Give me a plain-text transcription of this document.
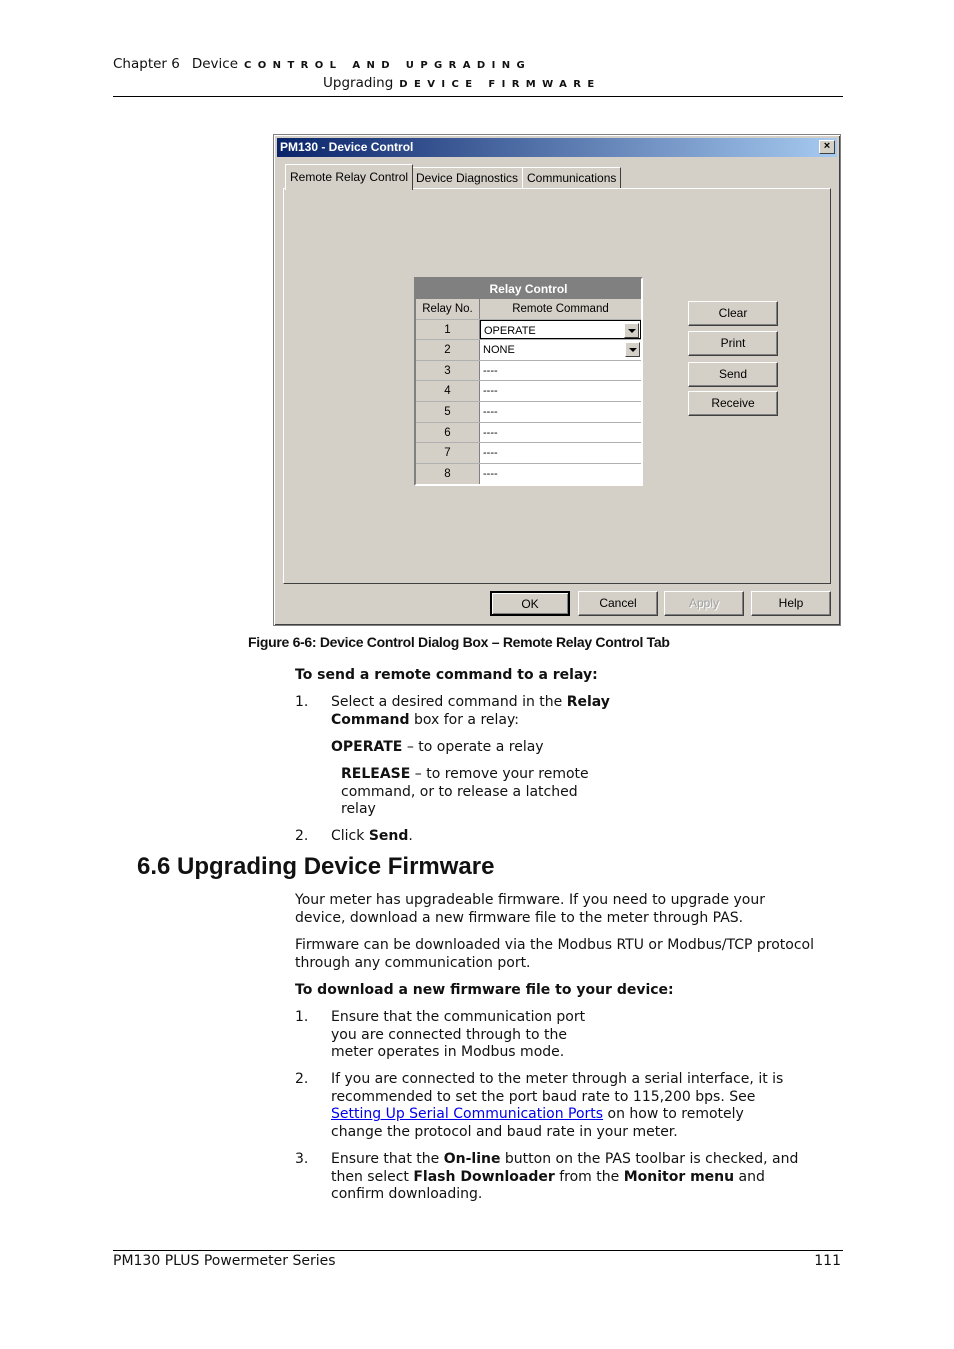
Chapter 6 Device CONTROL AND UPGRADING
Upgrading DEVICE FIRMWARE
PM130 - Device Control	×
Remote Relay Control Device Diagnostics Communications
Relay Control
Relay No.	Remote Command
1	OPERATE
2	NONE
3	----
4	----
5	----
6	----
7	----
8	----
Clear
Print
Send
Receive
OK	Cancel	Apply	Help
Figure 6-6: Device Control Dialog Box – Remote Relay Control Tab
To send a remote command to a relay:
1. Select a desired command in the Relay Command box for a relay:
OPERATE – to operate a relay
RELEASE – to remove your remote command, or to release a latched relay
2. Click Send.
6.6 Upgrading Device Firmware
Your meter has upgradeable firmware. If you need to upgrade your device, download a new firmware file to the meter through PAS.
Firmware can be downloaded via the Modbus RTU or Modbus/TCP protocol through any communication port.
To download a new firmware file to your device:
1. Ensure that the communication port you are connected through to the meter operates in Modbus mode.
2. If you are connected to the meter through a serial interface, it is recommended to set the port baud rate to 115,200 bps. See Setting Up Serial Communication Ports on how to remotely change the protocol and baud rate in your meter.
3. Ensure that the On-line button on the PAS toolbar is checked, and then select Flash Downloader from the Monitor menu and confirm downloading.
PM130 PLUS Powermeter Series	111
